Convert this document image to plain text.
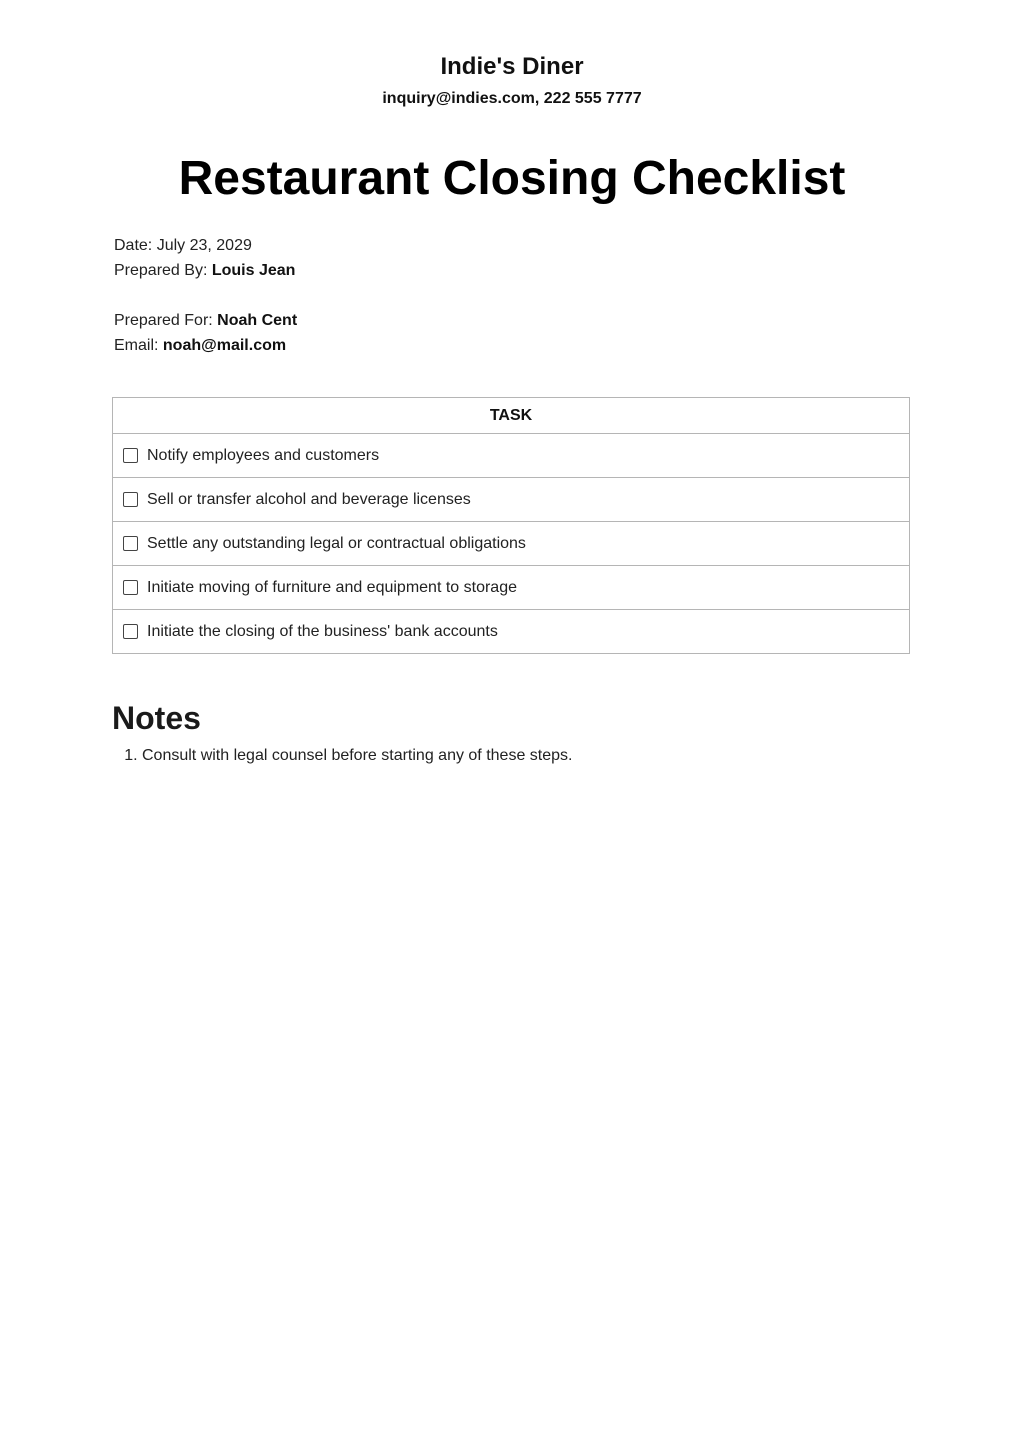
Indie's Diner
inquiry@indies.com, 222 555 7777
Restaurant Closing Checklist
Date: July 23, 2029
Prepared By: Louis Jean
Prepared For: Noah Cent
Email: noah@mail.com
TASK

Notify employees and customers

Sell or transfer alcohol and beverage licenses

Settle any outstanding legal or contractual obligations

Initiate moving of furniture and equipment to storage

Initiate the closing of the business' bank accounts
Notes
1. Consult with legal counsel before starting any of these steps.
